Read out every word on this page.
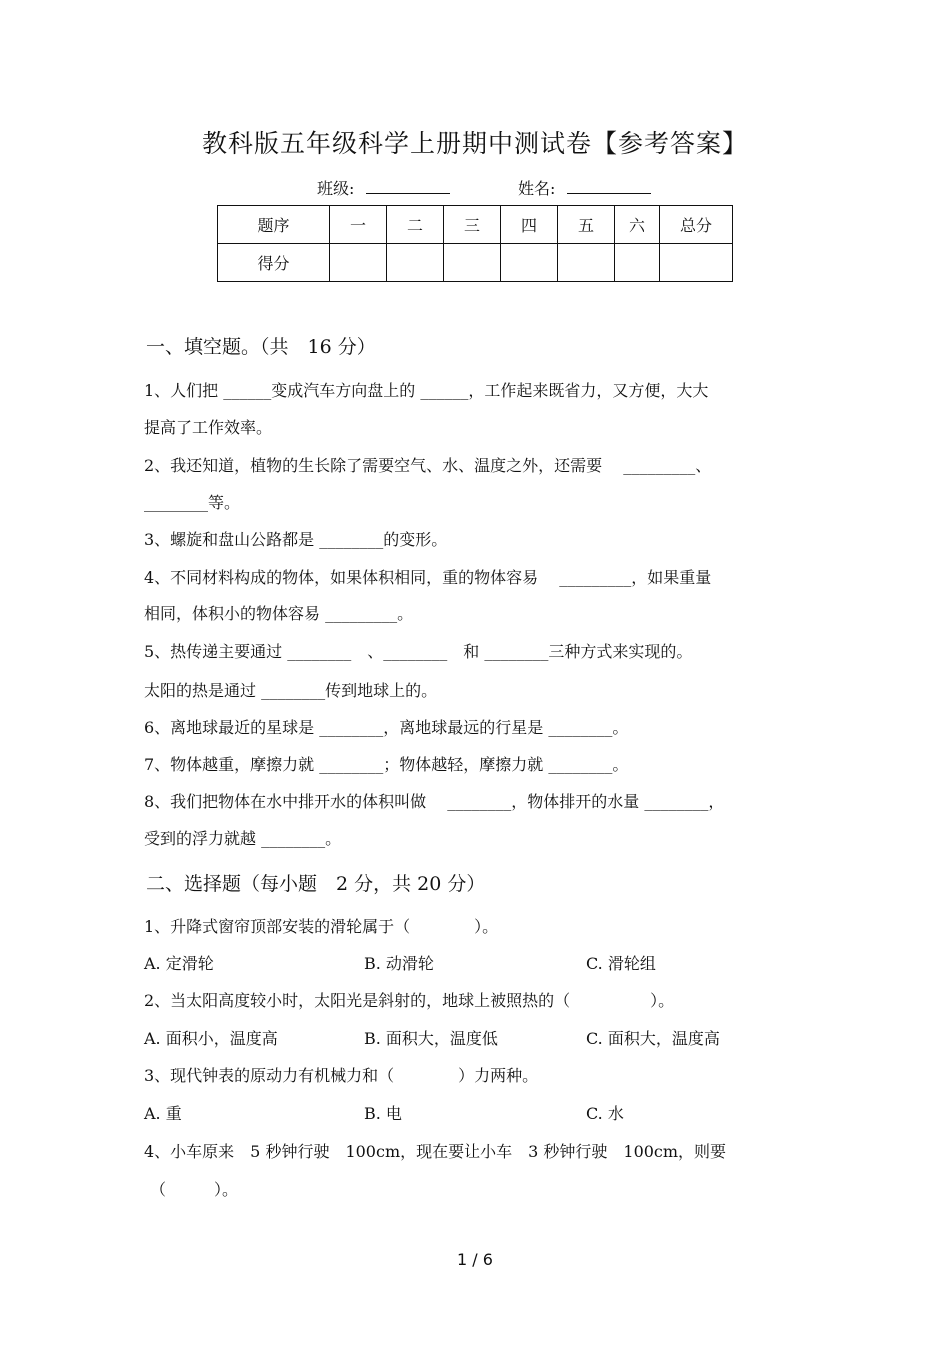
教科版五年级科学上册期中测试卷【参考答案】
班级:	姓名:
题序	一	二	三	四	五	六	总分
得分							
一、填空题。（共　16 分）
1、人们把 ______变成汽车方向盘上的 ______，工作起来既省力，又方便，大大
提高了工作效率。
2、我还知道，植物的生长除了需要空气、水、温度之外，还需要　 _________、
________等。
3、螺旋和盘山公路都是 ________的变形。
4、不同材料构成的物体，如果体积相同，重的物体容易　 _________，如果重量
相同，体积小的物体容易 _________。
5、热传递主要通过 ________　、________　和 ________三种方式来实现的。
太阳的热是通过 ________传到地球上的。
6、离地球最近的星球是 ________，离地球最远的行星是 ________。
7、物体越重，摩擦力就 ________；物体越轻，摩擦力就 ________。
8、我们把物体在水中排开水的体积叫做　 ________，物体排开的水量 ________，
受到的浮力就越 ________。
二、选择题（每小题　2 分，共 20 分）
1、升降式窗帘顶部安装的滑轮属于（　　　　）。
A. 定滑轮	B. 动滑轮	C. 滑轮组
2、当太阳高度较小时，太阳光是斜射的，地球上被照热的（　　　　　）。
A. 面积小，温度高	B. 面积大，温度低	C. 面积大，温度高
3、现代钟表的原动力有机械力和（　　　　）力两种。
A. 重	B. 电	C. 水
4、小车原来　5 秒钟行驶　100cm，现在要让小车　3 秒钟行驶　100cm，则要
（　　　）。
1 / 6
